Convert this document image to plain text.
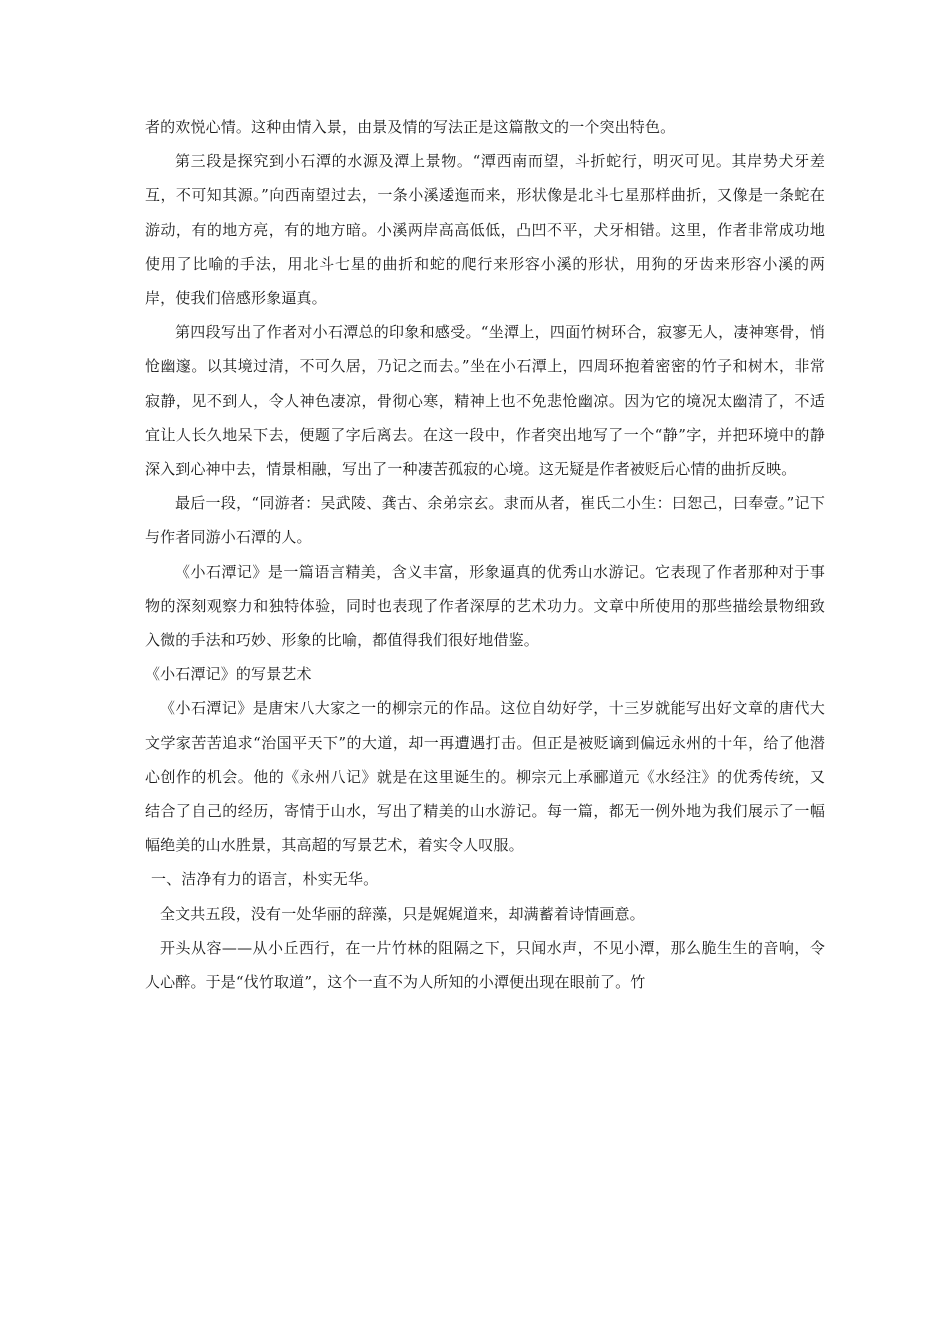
者的欢悦心情。这种由情入景，由景及情的写法正是这篇散文的一个突出特色。

第三段是探究到小石潭的水源及潭上景物。“潭西南而望，斗折蛇行，明灭可见。其岸势犬牙差互，不可知其源。”向西南望过去，一条小溪逶迤而来，形状像是北斗七星那样曲折，又像是一条蛇在游动，有的地方亮，有的地方暗。小溪两岸高高低低，凸凹不平，犬牙相错。这里，作者非常成功地使用了比喻的手法，用北斗七星的曲折和蛇的爬行来形容小溪的形状，用狗的牙齿来形容小溪的两岸，使我们倍感形象逼真。

第四段写出了作者对小石潭总的印象和感受。“坐潭上，四面竹树环合，寂寥无人，凄神寒骨，悄怆幽邃。以其境过清，不可久居，乃记之而去。”坐在小石潭上，四周环抱着密密的竹子和树木，非常寂静，见不到人，令人神色凄凉，骨彻心寒，精神上也不免悲怆幽凉。因为它的境况太幽清了，不适宜让人长久地呆下去，便题了字后离去。在这一段中，作者突出地写了一个“静”字，并把环境中的静深入到心神中去，情景相融，写出了一种凄苦孤寂的心境。这无疑是作者被贬后心情的曲折反映。

最后一段，“同游者：吴武陵、龚古、余弟宗玄。隶而从者，崔氏二小生：曰恕己，曰奉壹。”记下与作者同游小石潭的人。

《小石潭记》是一篇语言精美，含义丰富，形象逼真的优秀山水游记。它表现了作者那种对于事物的深刻观察力和独特体验，同时也表现了作者深厚的艺术功力。文章中所使用的那些描绘景物细致入微的手法和巧妙、形象的比喻，都值得我们很好地借鉴。

《小石潭记》的写景艺术

《小石潭记》是唐宋八大家之一的柳宗元的作品。这位自幼好学，十三岁就能写出好文章的唐代大文学家苦苦追求“治国平天下”的大道，却一再遭遇打击。但正是被贬谪到偏远永州的十年，给了他潜心创作的机会。他的《永州八记》就是在这里诞生的。柳宗元上承郦道元《水经注》的优秀传统，又结合了自己的经历，寄情于山水，写出了精美的山水游记。每一篇，都无一例外地为我们展示了一幅幅绝美的山水胜景，其高超的写景艺术，着实令人叹服。

一、洁净有力的语言，朴实无华。

全文共五段，没有一处华丽的辞藻，只是娓娓道来，却满蓄着诗情画意。

开头从容——从小丘西行，在一片竹林的阻隔之下，只闻水声，不见小潭，那么脆生生的音响，令人心醉。于是“伐竹取道”，这个一直不为人所知的小潭便出现在眼前了。竹
